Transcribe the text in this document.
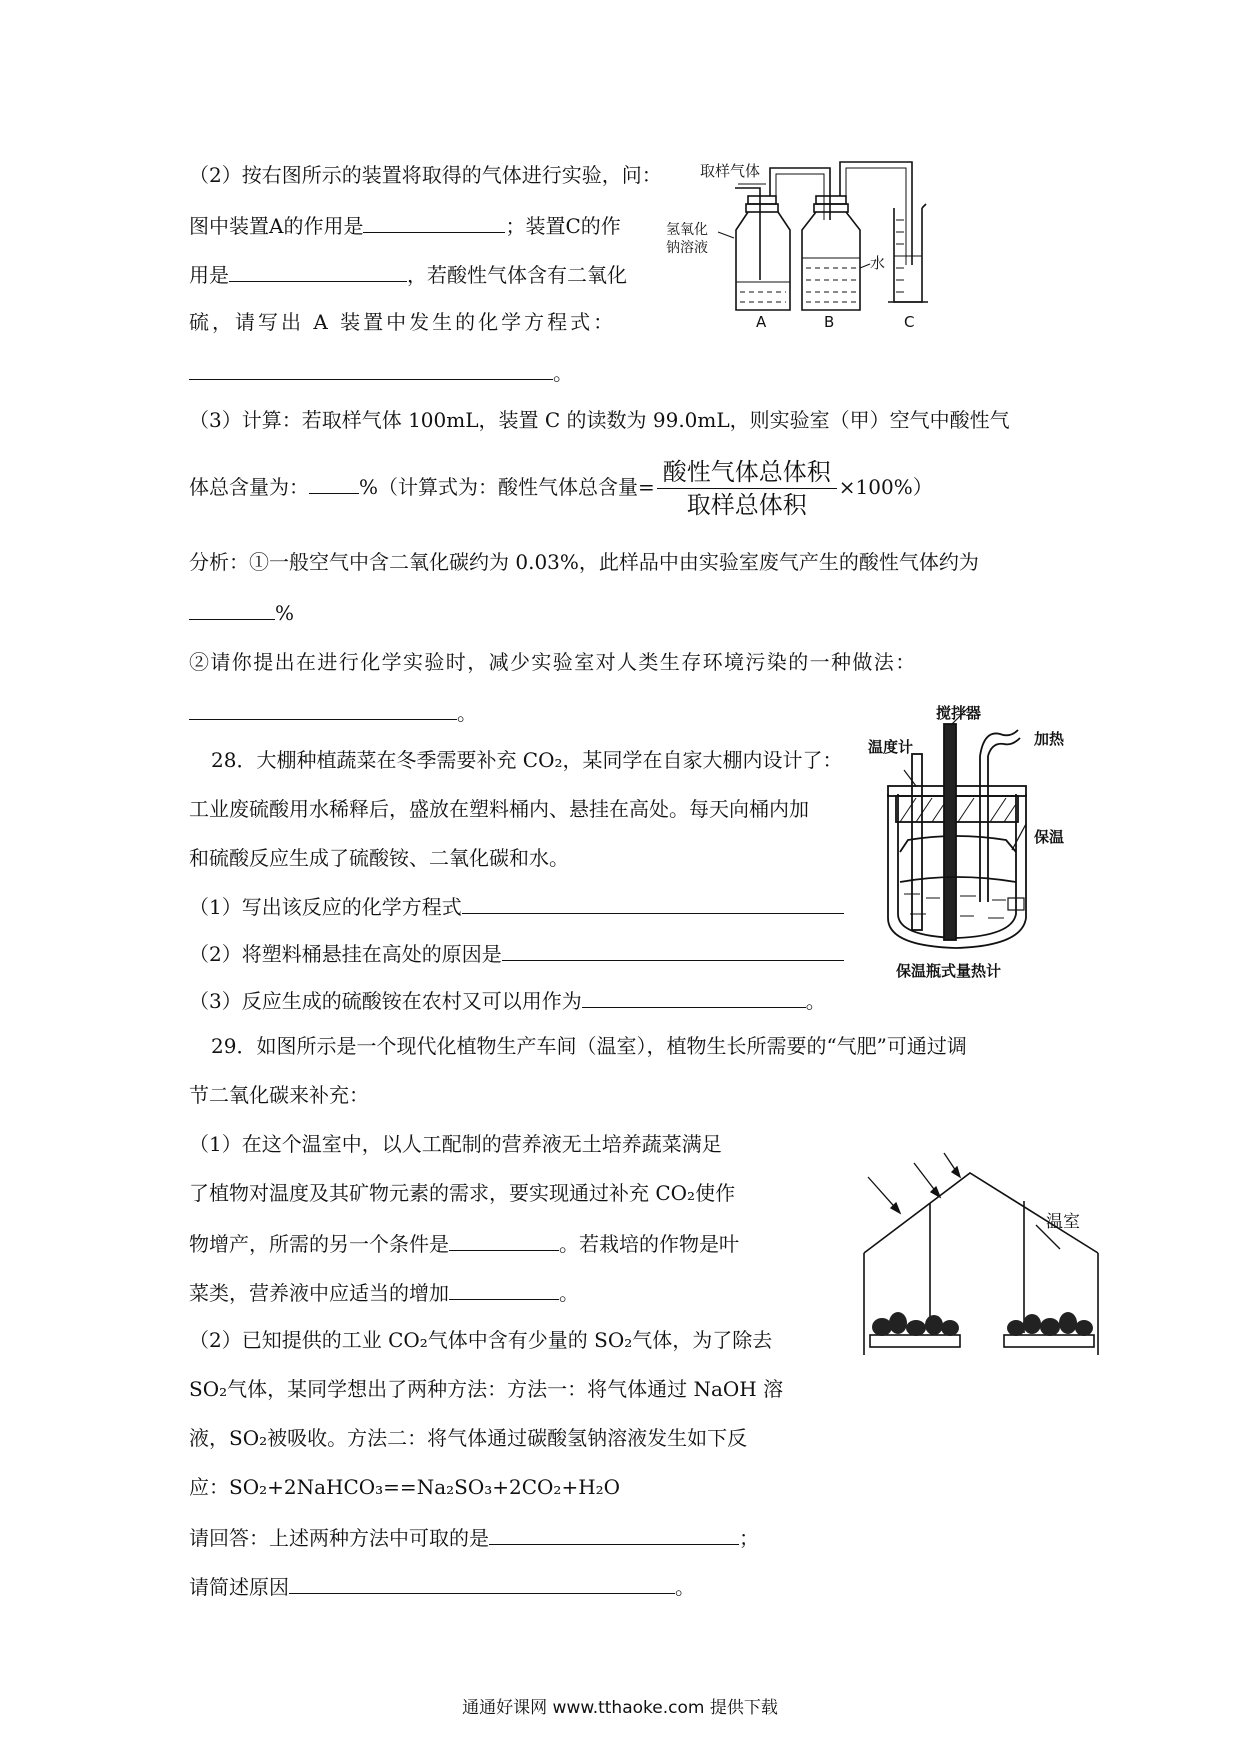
（2）按右图所示的装置将取得的气体进行实验，问：
图中装置A的作用是	；装置C的作
用是	，若酸性气体含有二氧化
硫，请写出 A 装置中发生的化学方程式：
。
取样气体
氢氧化
钠溶液
水
A	B	C
（3）计算：若取样气体 100mL，装置 C 的读数为 99.0mL，则实验室（甲）空气中酸性气
体总含量为：	%（计算式为：酸性气体总含量= $\frac{\text{酸性气体总体积}}{\text{取样总体积}} \times 100\%$）
分析：①一般空气中含二氧化碳约为 0.03%，此样品中由实验室废气产生的酸性气体约为
%
②请你提出在进行化学实验时，减少实验室对人类生存环境污染的一种做法：
。
28．大棚种植蔬菜在冬季需要补充 CO₂，某同学在自家大棚内设计了：
工业废硫酸用水稀释后，盛放在塑料桶内、悬挂在高处。每天向桶内加
和硫酸反应生成了硫酸铵、二氧化碳和水。
（1）写出该反应的化学方程式
（2）将塑料桶悬挂在高处的原因是
（3）反应生成的硫酸铵在农村又可以用作为	。
温度计
搅拌器
加热
保温
保温瓶式量热计
29．如图所示是一个现代化植物生产车间（温室），植物生长所需要的“气肥”可通过调
节二氧化碳来补充：
（1）在这个温室中，以人工配制的营养液无土培养蔬菜满足
了植物对温度及其矿物元素的需求，要实现通过补充 CO₂使作
物增产，所需的另一个条件是	。若栽培的作物是叶
菜类，营养液中应适当的增加	。
（2）已知提供的工业 CO₂气体中含有少量的 SO₂气体，为了除去
SO₂气体，某同学想出了两种方法：方法一：将气体通过 NaOH 溶
液，SO₂被吸收。方法二：将气体通过碳酸氢钠溶液发生如下反
应：SO₂+2NaHCO₃==Na₂SO₃+2CO₂+H₂O
请回答：上述两种方法中可取的是	；
请简述原因	。
温室
通通好课网 www.tthaoke.com 提供下载
